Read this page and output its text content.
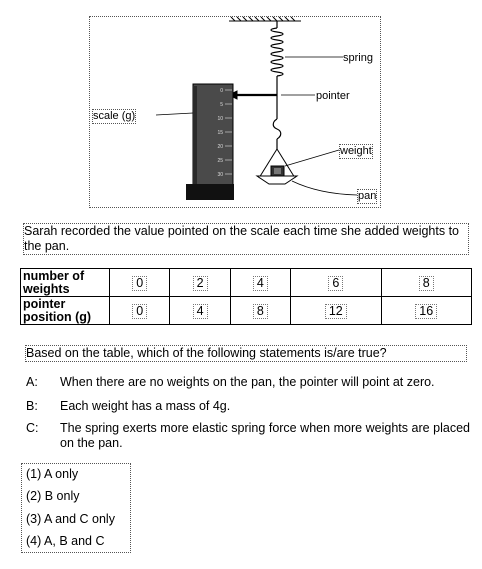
0
5
10
15
20
25
30
spring
pointer
scale (g)
weight
pan
Sarah recorded the value pointed on the scale each time she added weights to the pan.
number of weights	0	2	4	6	8
pointer position (g)	0	4	8	12	16
Based on the table, which of the following statements is/are true?
A:	When there are no weights on the pan, the pointer will point at zero.
B:	Each weight has a mass of 4g.
C:	The spring exerts more elastic spring force when more weights are placed on the pan.
(1) A only
(2) B only
(3) A and C only
(4) A, B and C
